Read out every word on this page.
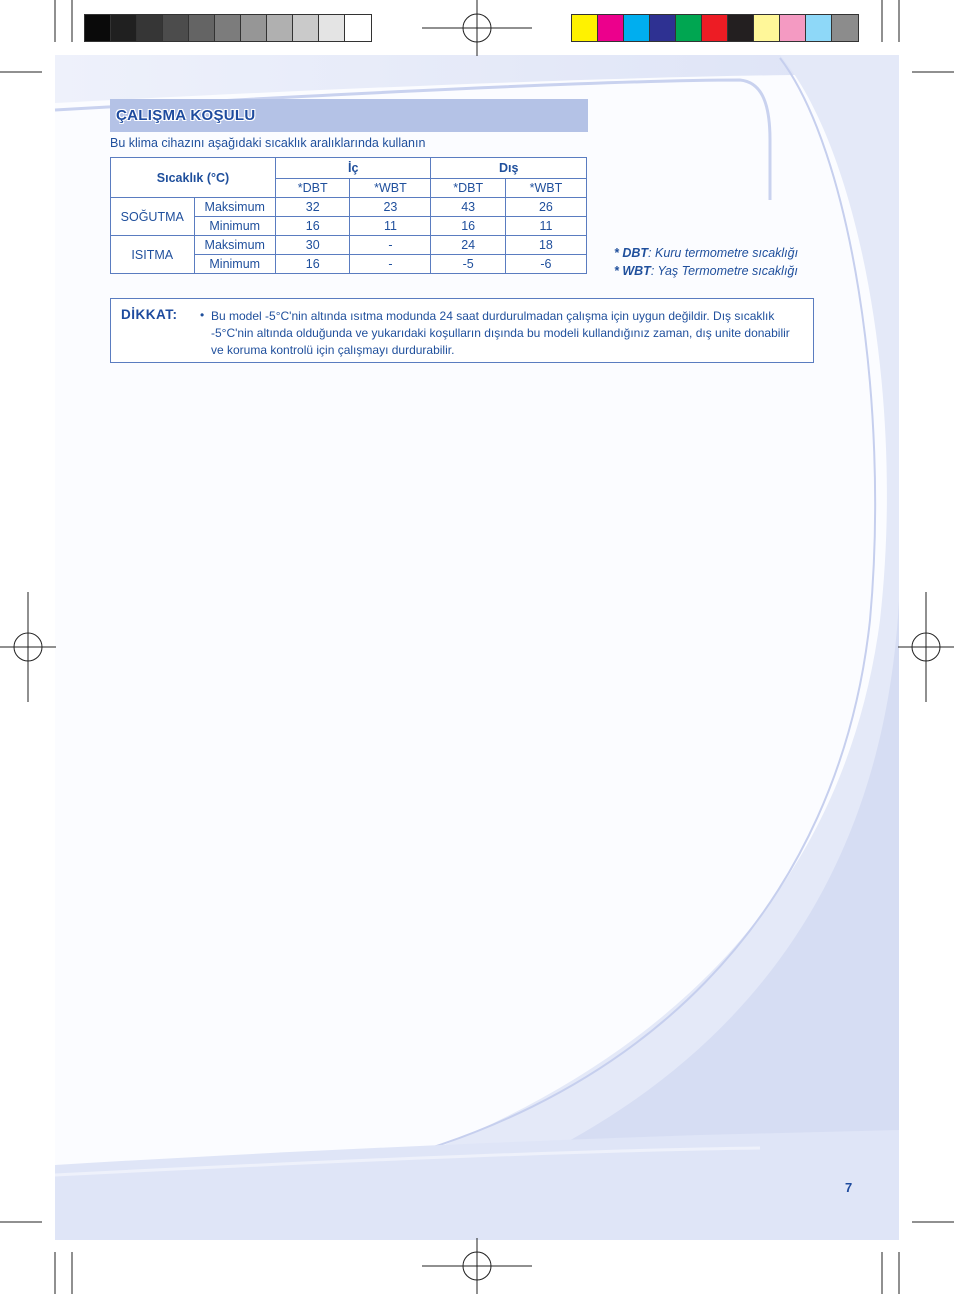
ÇALIŞMA KOŞULU
Bu klima cihazını aşağıdaki sıcaklık aralıklarında kullanın
Sıcaklık (°C)		İç		Dış	
		*DBT	*WBT	*DBT	*WBT
SOĞUTMA	Maksimum	32	23	43	26
	Minimum	16	11	16	11
ISITMA	Maksimum	30	-	24	18
	Minimum	16	-	-5	-6
* DBT: Kuru termometre sıcaklığı
* WBT: Yaş Termometre sıcaklığı
DİKKAT: • Bu model -5°C'nin altında ısıtma modunda 24 saat durdurulmadan çalışma için uygun değildir. Dış sıcaklık -5°C'nin altında olduğunda ve yukarıdaki koşulların dışında bu modeli kullandığınız zaman, dış unite donabilir ve koruma kontrolü için çalışmayı durdurabilir.
7
